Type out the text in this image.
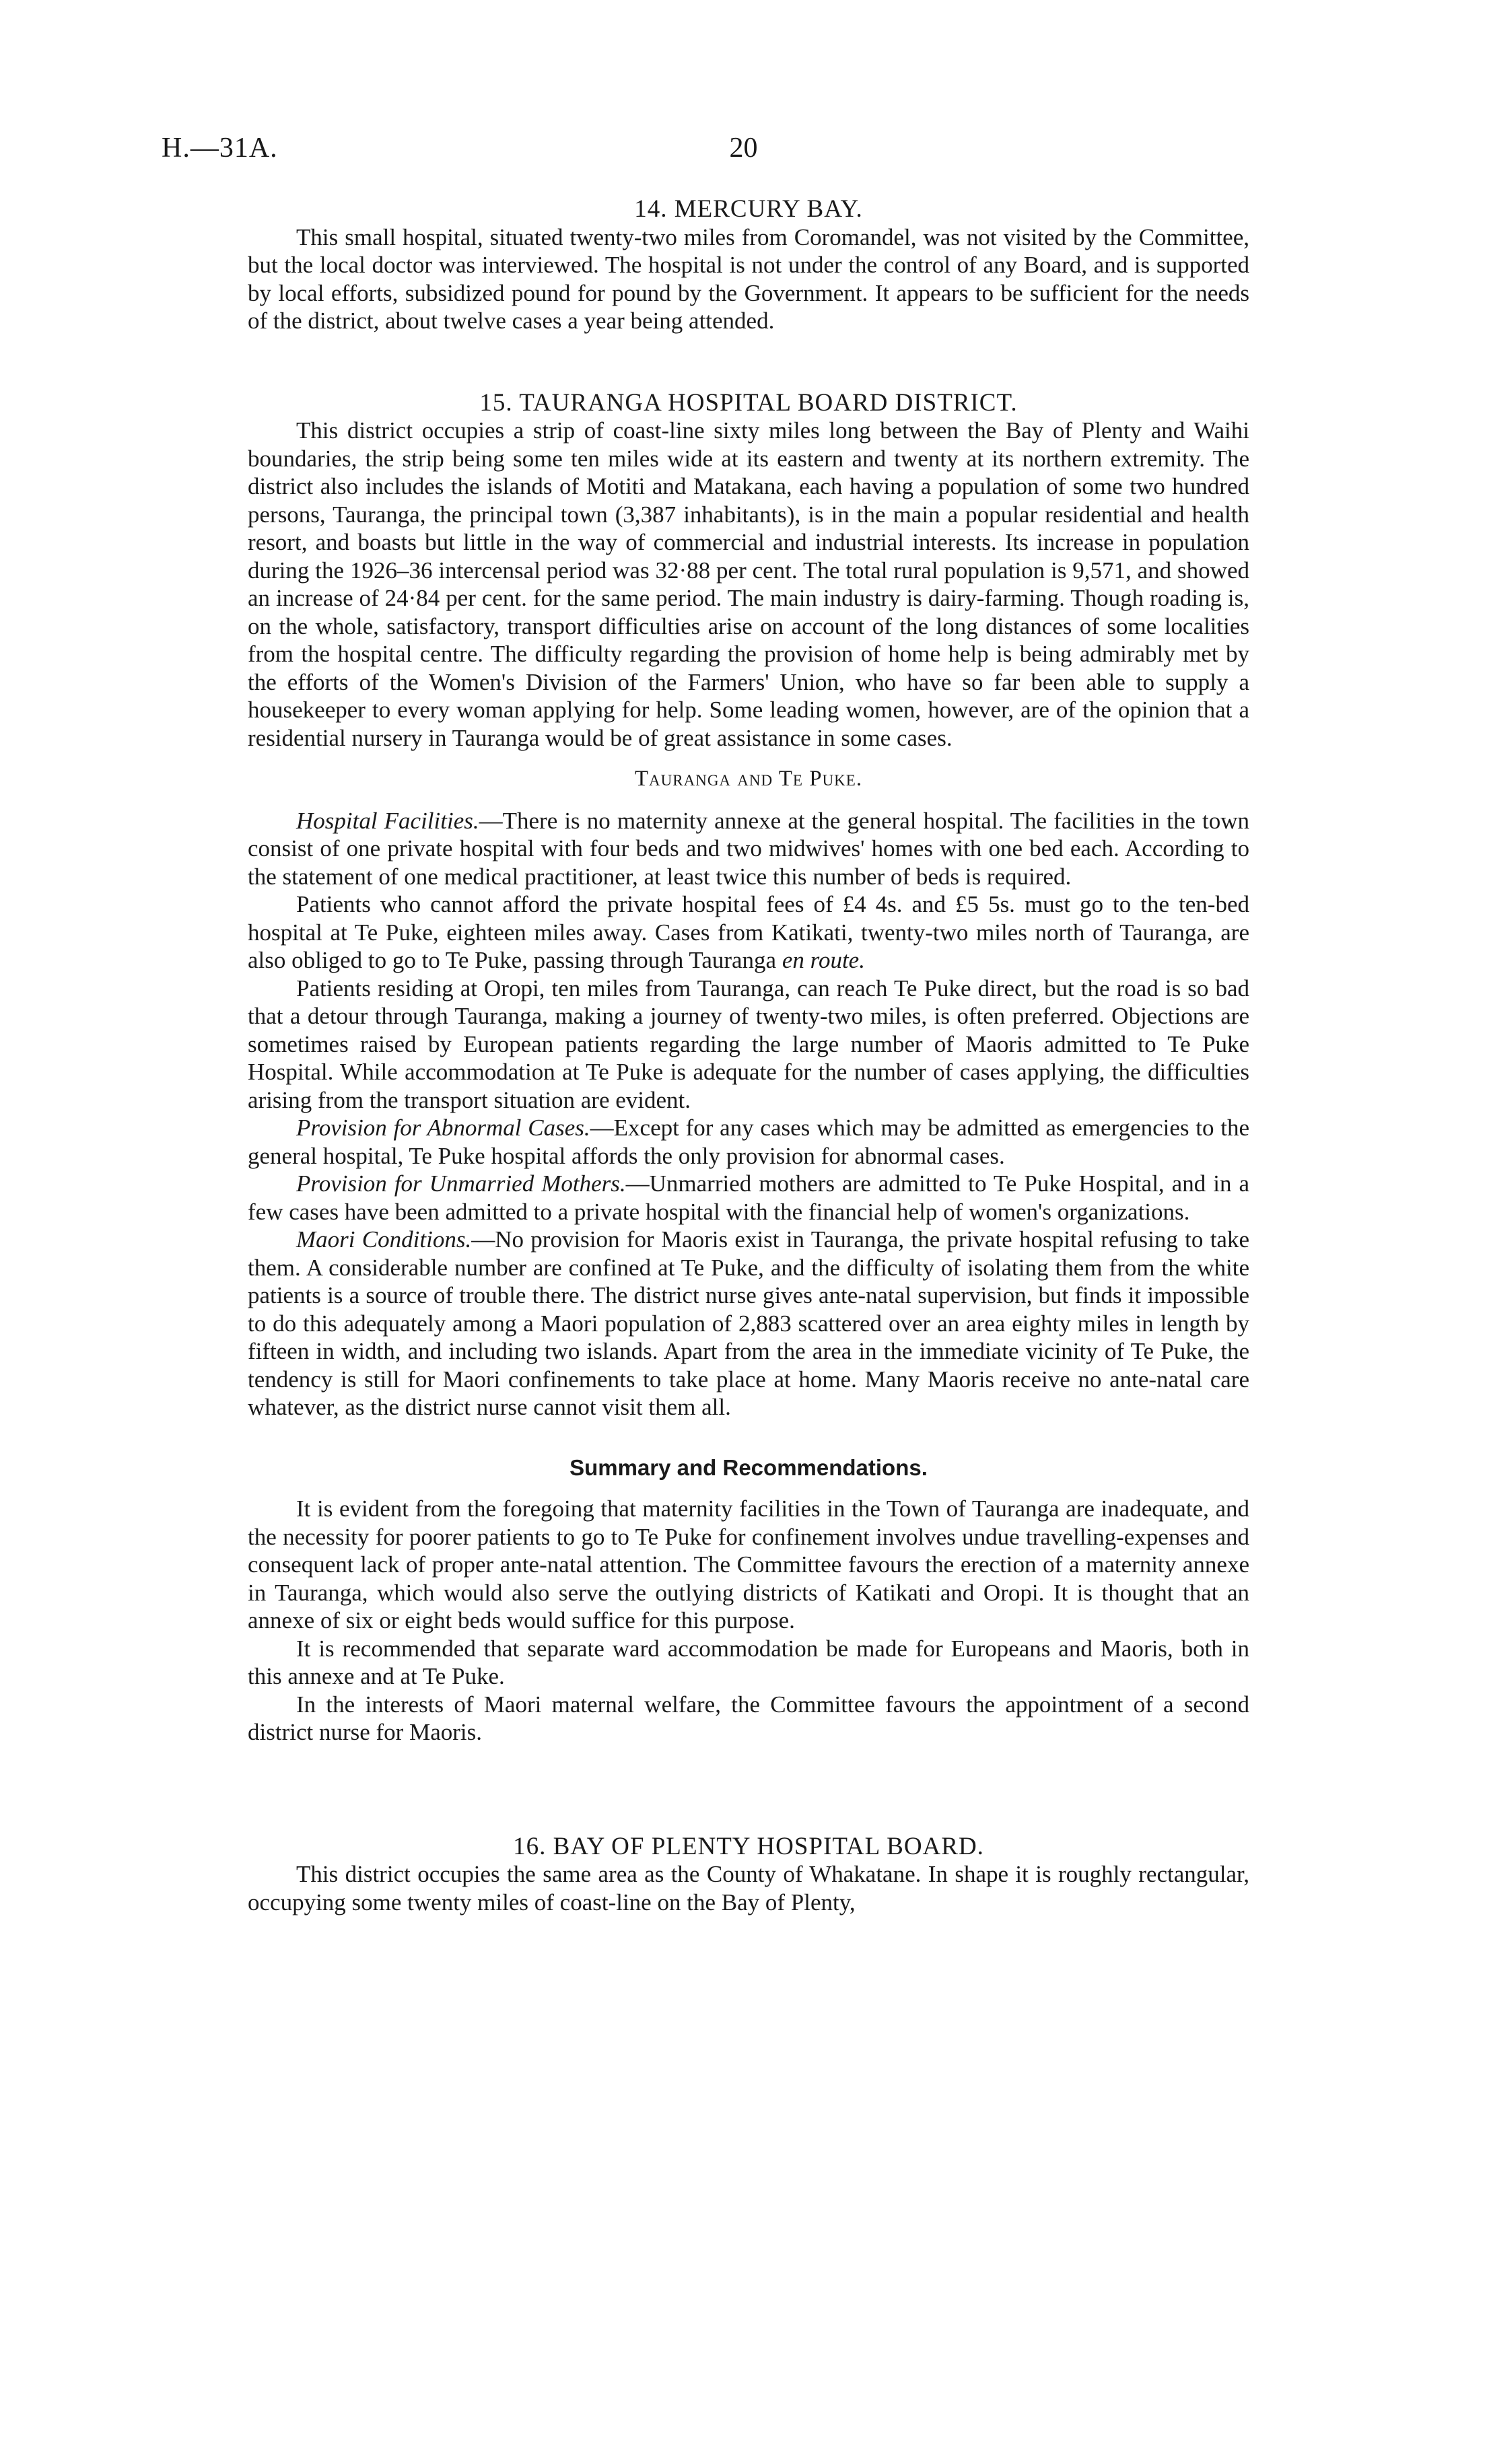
H.—31A.	20
14. MERCURY BAY.

This small hospital, situated twenty-two miles from Coromandel, was not visited by the Committee, but the local doctor was interviewed. The hospital is not under the control of any Board, and is supported by local efforts, subsidized pound for pound by the Government. It appears to be sufficient for the needs of the district, about twelve cases a year being attended.

15. TAURANGA HOSPITAL BOARD DISTRICT.

This district occupies a strip of coast-line sixty miles long between the Bay of Plenty and Waihi boundaries, the strip being some ten miles wide at its eastern and twenty at its northern extremity. The district also includes the islands of Motiti and Matakana, each having a population of some two hundred persons, Tauranga, the principal town (3,387 inhabitants), is in the main a popular residential and health resort, and boasts but little in the way of commercial and industrial interests. Its increase in population during the 1926–36 intercensal period was 32·88 per cent. The total rural population is 9,571, and showed an increase of 24·84 per cent. for the same period. The main industry is dairy-farming. Though roading is, on the whole, satisfactory, transport difficulties arise on account of the long distances of some localities from the hospital centre. The difficulty regarding the provision of home help is being admirably met by the efforts of the Women's Division of the Farmers' Union, who have so far been able to supply a housekeeper to every woman applying for help. Some leading women, however, are of the opinion that a residential nursery in Tauranga would be of great assistance in some cases.

Tauranga and Te Puke.

Hospital Facilities.—There is no maternity annexe at the general hospital. The facilities in the town consist of one private hospital with four beds and two midwives' homes with one bed each. According to the statement of one medical practitioner, at least twice this number of beds is required.

Patients who cannot afford the private hospital fees of £4 4s. and £5 5s. must go to the ten-bed hospital at Te Puke, eighteen miles away. Cases from Katikati, twenty-two miles north of Tauranga, are also obliged to go to Te Puke, passing through Tauranga en route.

Patients residing at Oropi, ten miles from Tauranga, can reach Te Puke direct, but the road is so bad that a detour through Tauranga, making a journey of twenty-two miles, is often preferred. Objections are sometimes raised by European patients regarding the large number of Maoris admitted to Te Puke Hospital. While accommodation at Te Puke is adequate for the number of cases applying, the difficulties arising from the transport situation are evident.

Provision for Abnormal Cases.—Except for any cases which may be admitted as emergencies to the general hospital, Te Puke hospital affords the only provision for abnormal cases.

Provision for Unmarried Mothers.—Unmarried mothers are admitted to Te Puke Hospital, and in a few cases have been admitted to a private hospital with the financial help of women's organizations.

Maori Conditions.—No provision for Maoris exist in Tauranga, the private hospital refusing to take them. A considerable number are confined at Te Puke, and the difficulty of isolating them from the white patients is a source of trouble there. The district nurse gives ante-natal supervision, but finds it impossible to do this adequately among a Maori population of 2,883 scattered over an area eighty miles in length by fifteen in width, and including two islands. Apart from the area in the immediate vicinity of Te Puke, the tendency is still for Maori confinements to take place at home. Many Maoris receive no ante-natal care whatever, as the district nurse cannot visit them all.

Summary and Recommendations.

It is evident from the foregoing that maternity facilities in the Town of Tauranga are inadequate, and the necessity for poorer patients to go to Te Puke for confinement involves undue travelling-expenses and consequent lack of proper ante-natal attention. The Committee favours the erection of a maternity annexe in Tauranga, which would also serve the outlying districts of Katikati and Oropi. It is thought that an annexe of six or eight beds would suffice for this purpose.

It is recommended that separate ward accommodation be made for Europeans and Maoris, both in this annexe and at Te Puke.

In the interests of Maori maternal welfare, the Committee favours the appointment of a second district nurse for Maoris.

16. BAY OF PLENTY HOSPITAL BOARD.

This district occupies the same area as the County of Whakatane. In shape it is roughly rectangular, occupying some twenty miles of coast-line on the Bay of Plenty,
